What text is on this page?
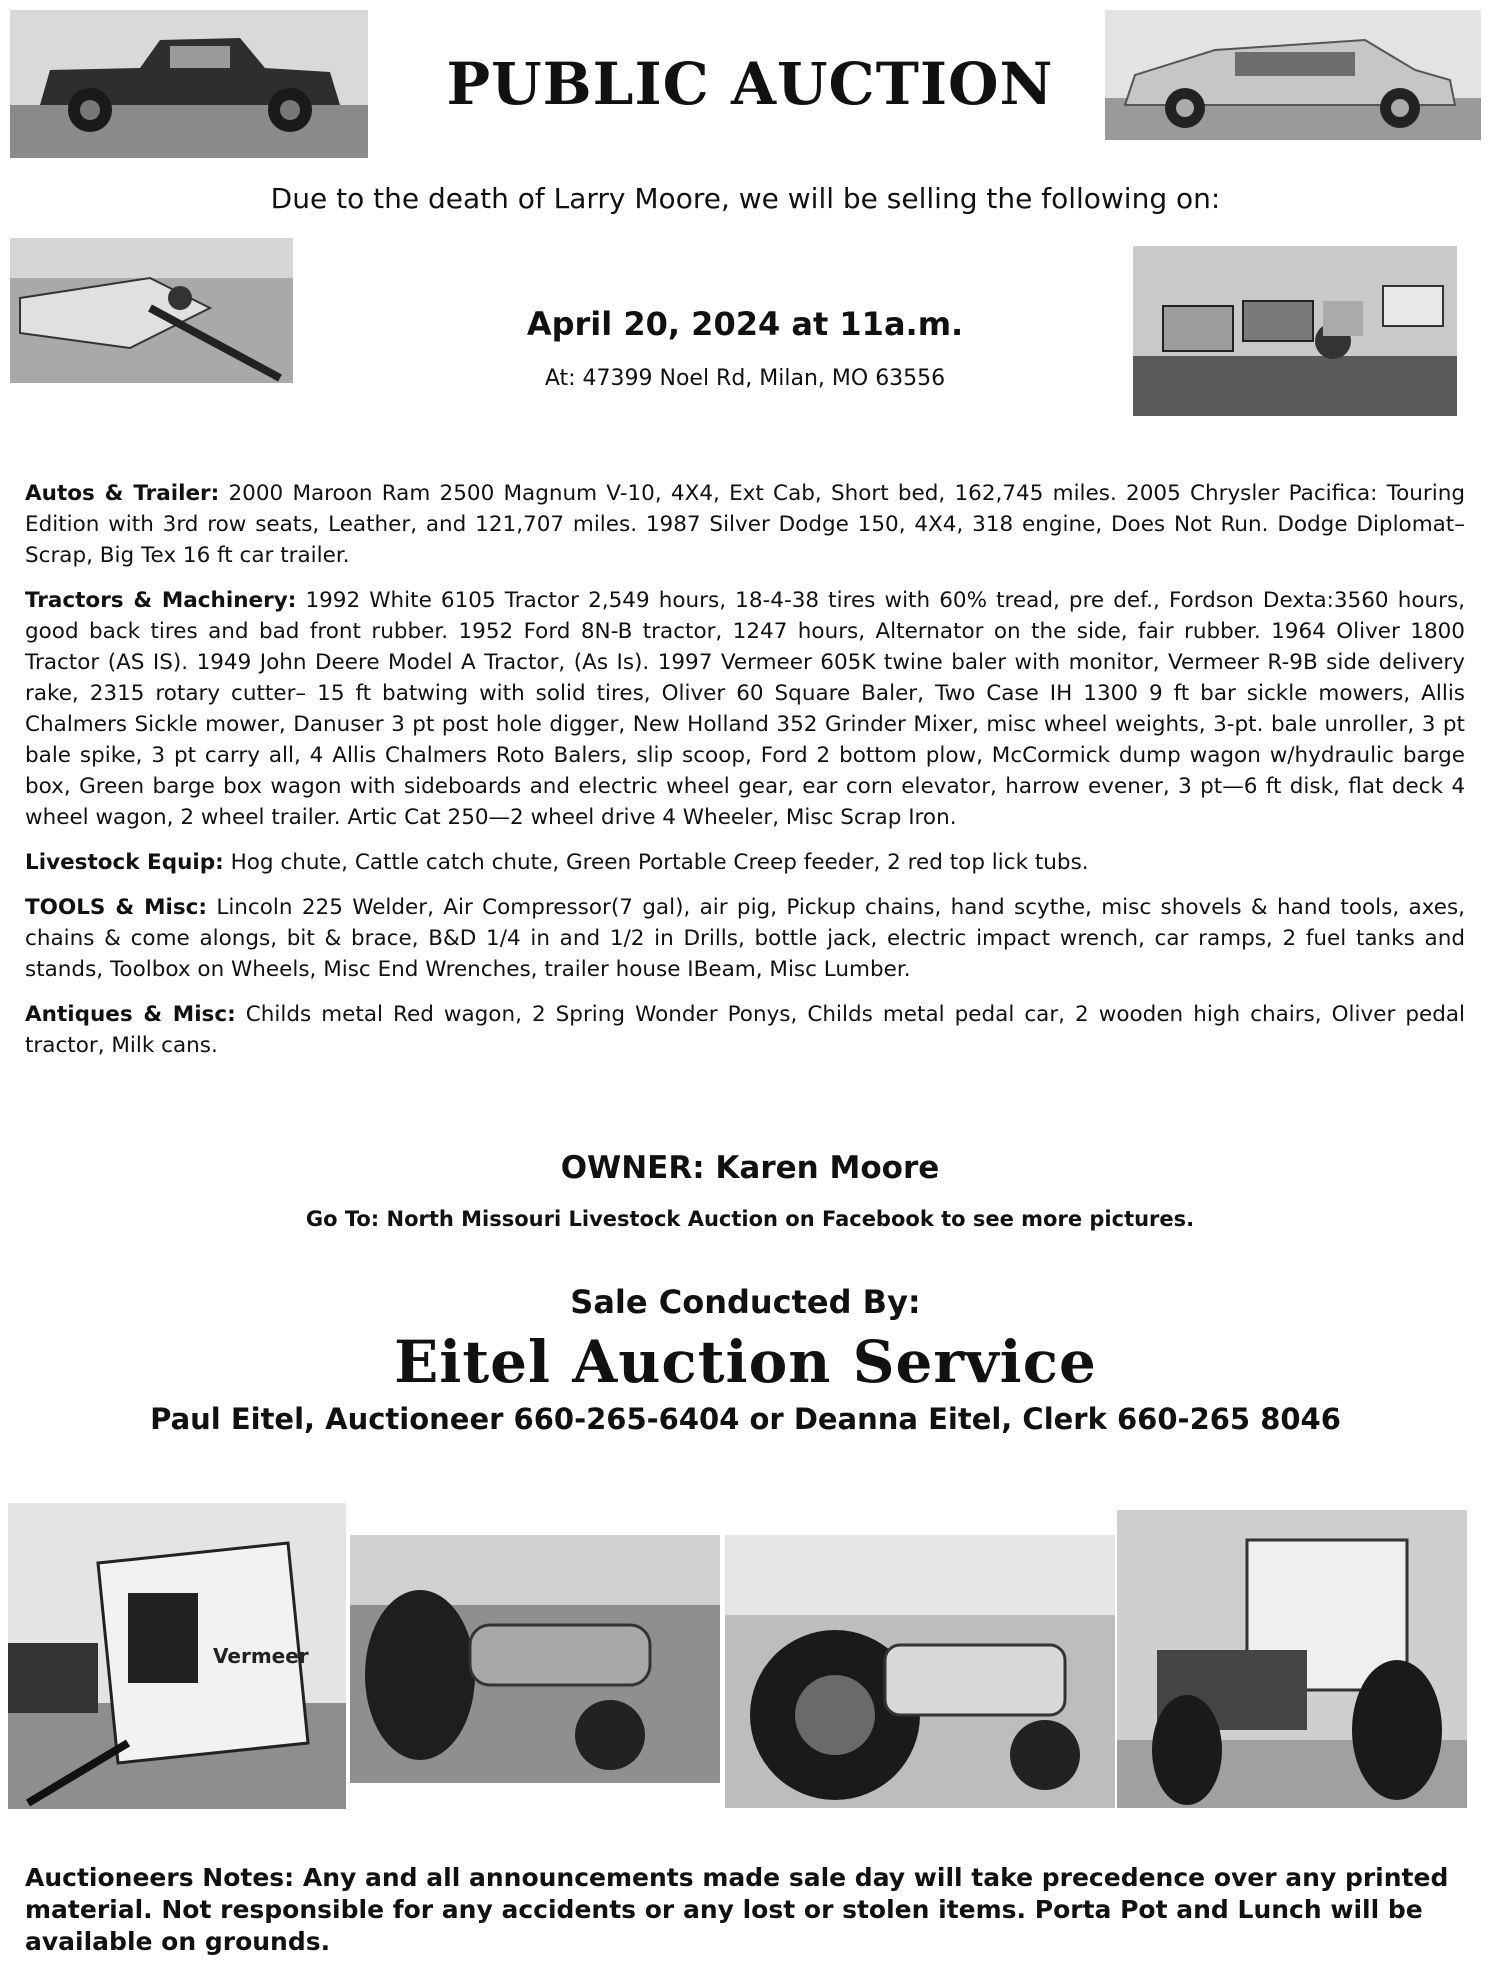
PUBLIC AUCTION
Due to the death of Larry Moore, we will be selling the following on:
April 20, 2024 at 11a.m.
At: 47399 Noel Rd, Milan, MO 63556

Autos & Trailer: 2000 Maroon Ram 2500 Magnum V-10, 4X4, Ext Cab, Short bed, 162,745 miles. 2005 Chrysler Pacifica: Touring Edition with 3rd row seats, Leather, and 121,707 miles. 1987 Silver Dodge 150, 4X4, 318 engine, Does Not Run. Dodge Diplomat– Scrap, Big Tex 16 ft car trailer.

Tractors & Machinery: 1992 White 6105 Tractor 2,549 hours, 18-4-38 tires with 60% tread, pre def., Fordson Dexta:3560 hours, good back tires and bad front rubber. 1952 Ford 8N-B tractor, 1247 hours, Alternator on the side, fair rubber. 1964 Oliver 1800 Tractor (AS IS). 1949 John Deere Model A Tractor, (As Is). 1997 Vermeer 605K twine baler with monitor, Vermeer R-9B side delivery rake, 2315 rotary cutter– 15 ft batwing with solid tires, Oliver 60 Square Baler, Two Case IH 1300 9 ft bar sickle mowers, Allis Chalmers Sickle mower, Danuser 3 pt post hole digger, New Holland 352 Grinder Mixer, misc wheel weights, 3-pt. bale unroller, 3 pt bale spike, 3 pt carry all, 4 Allis Chalmers Roto Balers, slip scoop, Ford 2 bottom plow, McCormick dump wagon w/hydraulic barge box, Green barge box wagon with sideboards and electric wheel gear, ear corn elevator, harrow evener, 3 pt—6 ft disk, flat deck 4 wheel wagon, 2 wheel trailer. Artic Cat 250—2 wheel drive 4 Wheeler, Misc Scrap Iron.

Livestock Equip: Hog chute, Cattle catch chute, Green Portable Creep feeder, 2 red top lick tubs.

TOOLS & Misc: Lincoln 225 Welder, Air Compressor(7 gal), air pig, Pickup chains, hand scythe, misc shovels & hand tools, axes, chains & come alongs, bit & brace, B&D 1/4 in and 1/2 in Drills, bottle jack, electric impact wrench, car ramps, 2 fuel tanks and stands, Toolbox on Wheels, Misc End Wrenches, trailer house IBeam, Misc Lumber.

Antiques & Misc: Childs metal Red wagon, 2 Spring Wonder Ponys, Childs metal pedal car, 2 wooden high chairs, Oliver pedal tractor, Milk cans.

OWNER: Karen Moore
Go To: North Missouri Livestock Auction on Facebook to see more pictures.
Sale Conducted By:
Eitel Auction Service
Paul Eitel, Auctioneer 660-265-6404 or Deanna Eitel, Clerk 660-265 8046
Vermeer

Auctioneers Notes: Any and all announcements made sale day will take precedence over any printed material. Not responsible for any accidents or any lost or stolen items. Porta Pot and Lunch will be available on grounds.
